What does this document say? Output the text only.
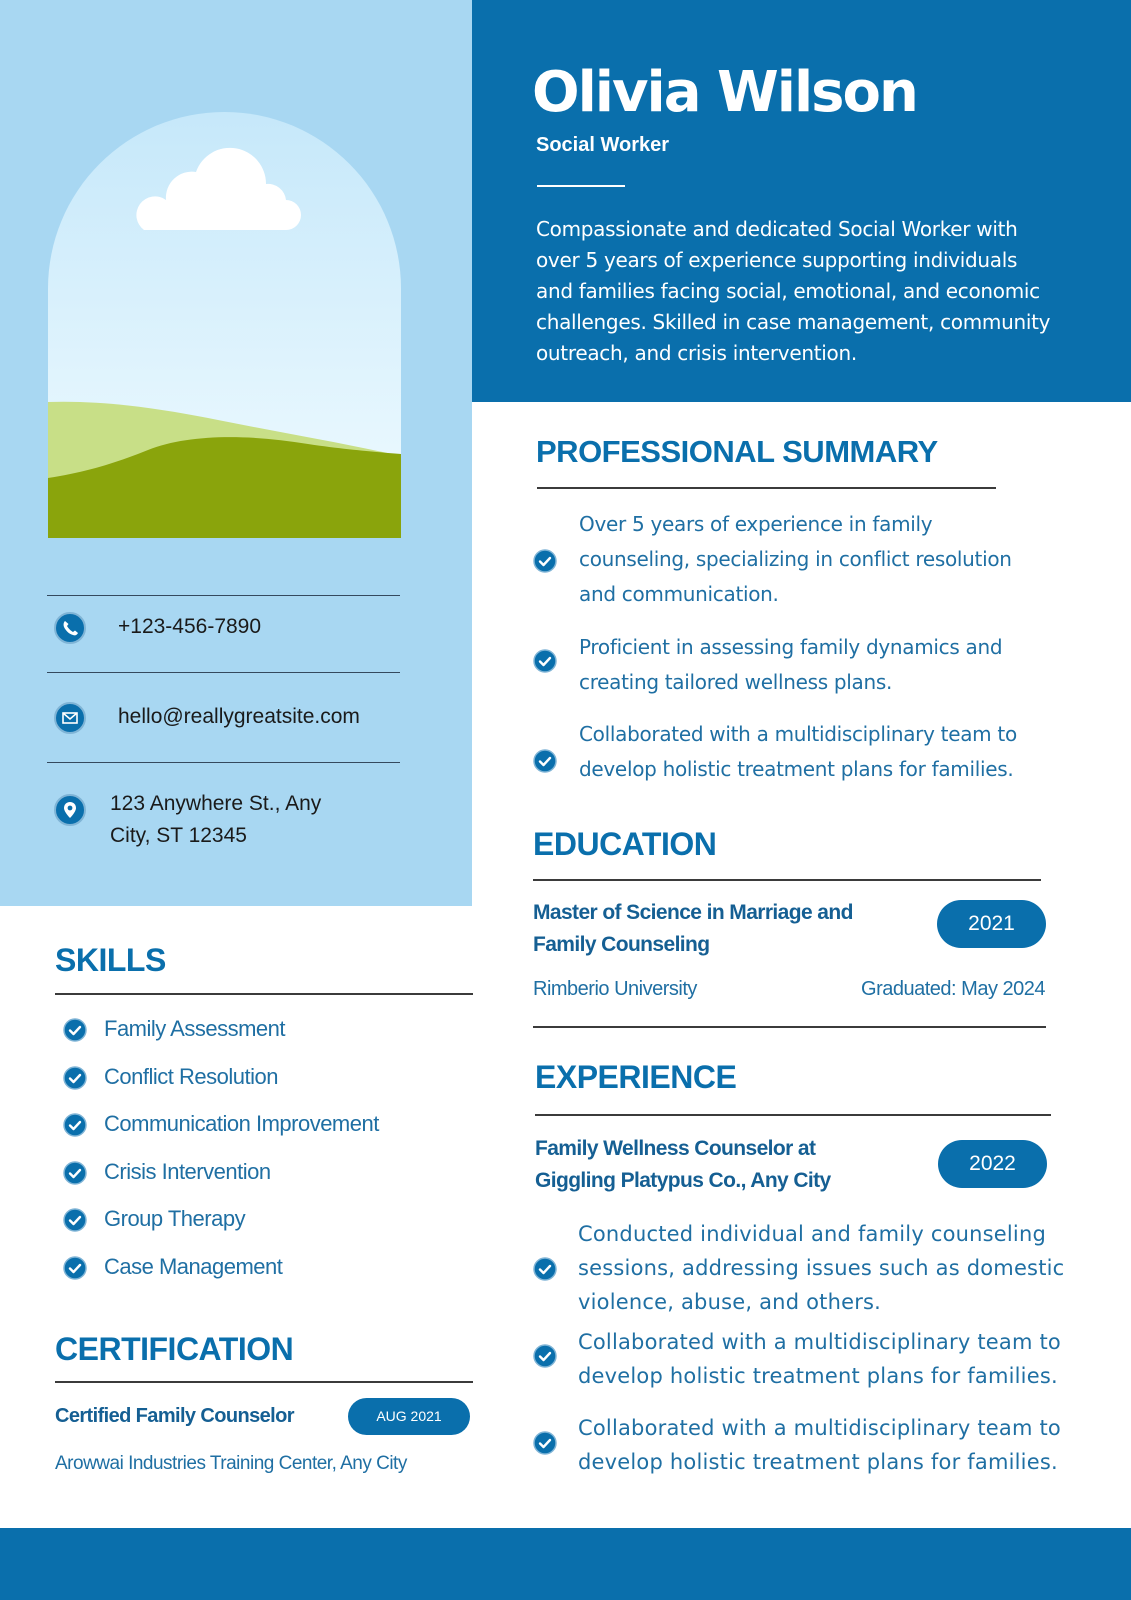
+123-456-7890
hello@reallygreatsite.com
123 Anywhere St., Any
City, ST 12345
Olivia Wilson
Social Worker
Compassionate and dedicated Social Worker with over 5 years of experience supporting individuals and families facing social, emotional, and economic challenges. Skilled in case management, community outreach, and crisis intervention.
SKILLS
Family Assessment
Conflict Resolution
Communication Improvement
Crisis Intervention
Group Therapy
Case Management
CERTIFICATION
Certified Family Counselor	AUG 2021
Arowwai Industries Training Center, Any City
PROFESSIONAL SUMMARY
Over 5 years of experience in family counseling, specializing in conflict resolution and communication.
Proficient in assessing family dynamics and creating tailored wellness plans.
Collaborated with a multidisciplinary team to develop holistic treatment plans for families.
EDUCATION
Master of Science in Marriage and Family Counseling
2021
Rimberio University	Graduated: May 2024
EXPERIENCE
Family Wellness Counselor at Giggling Platypus Co., Any City
2022
Conducted individual and family counseling sessions, addressing issues such as domestic violence, abuse, and others.
Collaborated with a multidisciplinary team to develop holistic treatment plans for families.
Collaborated with a multidisciplinary team to develop holistic treatment plans for families.
